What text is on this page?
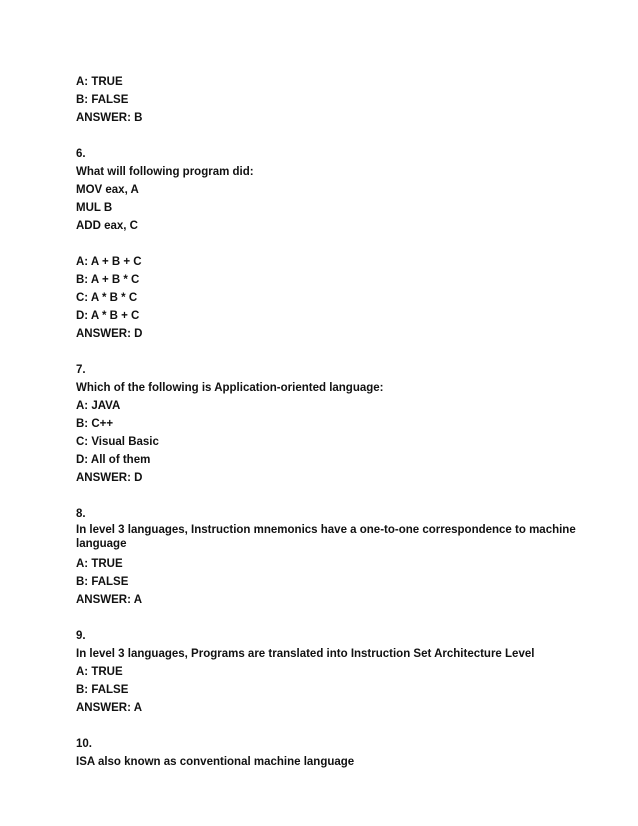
A: TRUE

B: FALSE

ANSWER: B

6.

What will following program did:

MOV eax, A

MUL B

ADD eax, C

A: A + B + C

B: A + B * C

C: A * B * C

D: A * B + C

ANSWER: D

7.

Which of the following is Application-oriented language:

A: JAVA

B: C++

C: Visual Basic

D: All of them

ANSWER: D

8.

In level 3 languages, Instruction mnemonics have a one-to-one correspondence to machine language

A: TRUE

B: FALSE

ANSWER: A

9.

In level 3 languages, Programs are translated into Instruction Set Architecture Level

A: TRUE

B: FALSE

ANSWER: A

10.

ISA also known as conventional machine language
